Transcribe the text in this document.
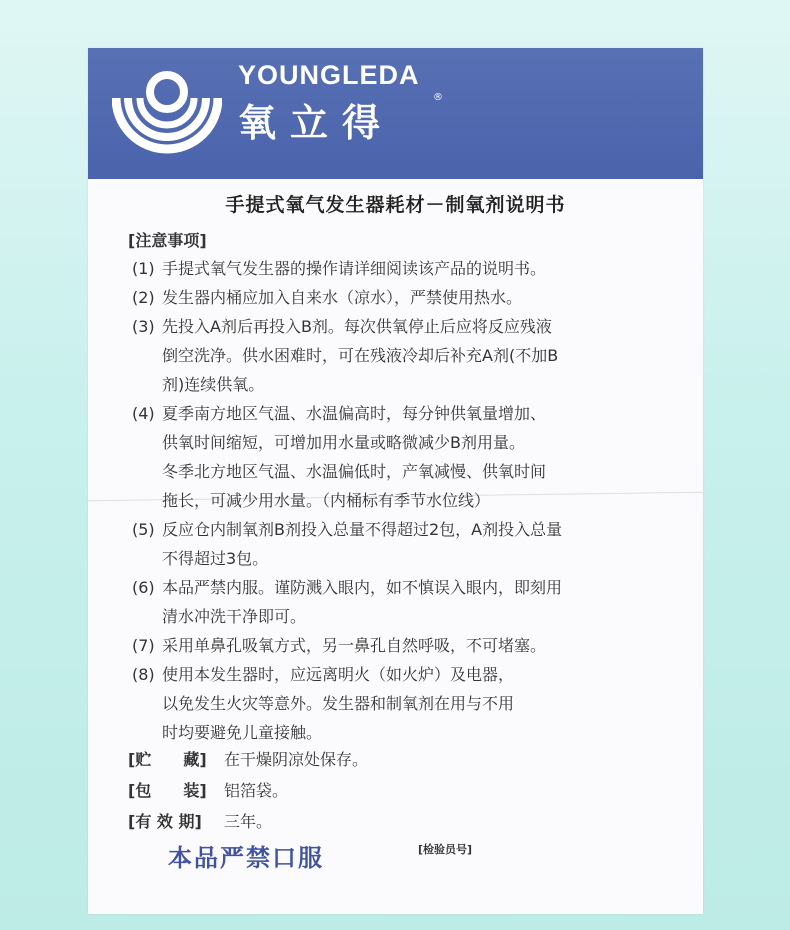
YOUNGLEDA
氧立得
®
手提式氧气发生器耗材－制氧剂说明书
[注意事项]
(1) 手提式氧气发生器的操作请详细阅读该产品的说明书。
(2) 发生器内桶应加入自来水（凉水），严禁使用热水。
(3) 先投入A剂后再投入B剂。每次供氧停止后应将反应残液
倒空洗净。供水困难时，可在残液冷却后补充A剂(不加B
剂)连续供氧。
(4) 夏季南方地区气温、水温偏高时，每分钟供氧量增加、
供氧时间缩短，可增加用水量或略微减少B剂用量。
冬季北方地区气温、水温偏低时，产氧减慢、供氧时间
拖长，可减少用水量。（内桶标有季节水位线）
(5) 反应仓内制氧剂B剂投入总量不得超过2包，A剂投入总量
不得超过3包。
(6) 本品严禁内服。谨防溅入眼内，如不慎误入眼内，即刻用
清水冲洗干净即可。
(7) 采用单鼻孔吸氧方式，另一鼻孔自然呼吸，不可堵塞。
(8) 使用本发生器时，应远离明火（如火炉）及电器，
以免发生火灾等意外。发生器和制氧剂在用与不用
时均要避免儿童接触。
[贮　　藏] 在干燥阴凉处保存。
[包　　装] 铝箔袋。
[有 效 期] 三年。
本品严禁口服	[检验员号]
